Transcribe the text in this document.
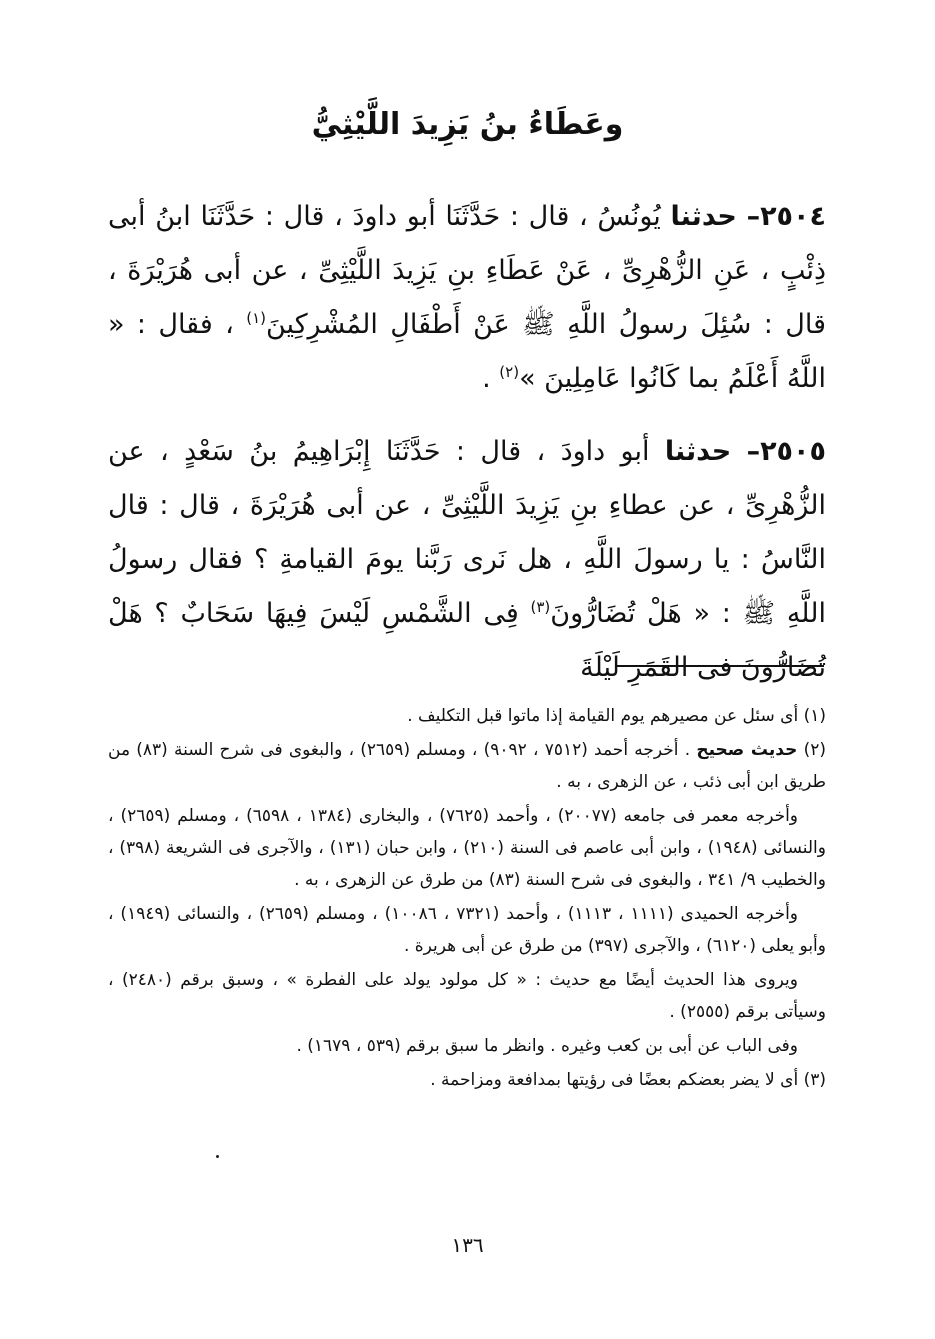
وعَطَاءُ بنُ يَزِيدَ اللَّيْثِيُّ
٢٥٠٤– حدثنا يُونُسُ ، قال : حَدَّثَنَا أبو داودَ ، قال : حَدَّثَنَا ابنُ أبى ذِئْبٍ ، عَنِ الزُّهْرِىِّ ، عَنْ عَطَاءِ بنِ يَزِيدَ اللَّيْثِىِّ ، عن أبى هُرَيْرَةَ ، قال : سُئِلَ رسولُ اللَّهِ ﷺ عَنْ أَطْفَالِ المُشْرِكِينَ$^{(١)}$ ، فقال : « اللَّهُ أَعْلَمُ بما كَانُوا عَامِلِينَ »$^{(٢)}$ .
٢٥٠٥– حدثنا أبو داودَ ، قال : حَدَّثَنَا إِبْرَاهِيمُ بنُ سَعْدٍ ، عن الزُّهْرِىِّ ، عن عطاءِ بنِ يَزِيدَ اللَّيْثِىِّ ، عن أبى هُرَيْرَةَ ، قال : قال النَّاسُ : يا رسولَ اللَّهِ ، هل نَرى رَبَّنا يومَ القيامةِ ؟ فقال رسولُ اللَّهِ ﷺ : « هَلْ تُضَارُّونَ$^{(٣)}$ فِى الشَّمْسِ لَيْسَ فِيهَا سَحَابٌ ؟ هَلْ تُضَارُّونَ فى القَمَرِ لَيْلَةَ

(١) أى سئل عن مصيرهم يوم القيامة إذا ماتوا قبل التكليف .

(٢) حديث صحيح . أخرجه أحمد (٧٥١٢ ، ٩٠٩٢) ، ومسلم (٢٦٥٩) ، والبغوى فى شرح السنة (٨٣) من طريق ابن أبى ذئب ، عن الزهرى ، به .

وأخرجه معمر فى جامعه (٢٠٠٧٧) ، وأحمد (٧٦٢٥) ، والبخارى (١٣٨٤ ، ٦٥٩٨) ، ومسلم (٢٦٥٩) ، والنسائى (١٩٤٨) ، وابن أبى عاصم فى السنة (٢١٠) ، وابن حبان (١٣١) ، والآجرى فى الشريعة (٣٩٨) ، والخطيب ٩/ ٣٤١ ، والبغوى فى شرح السنة (٨٣) من طرق عن الزهرى ، به .

وأخرجه الحميدى (١١١١ ، ١١١٣) ، وأحمد (٧٣٢١ ، ١٠٠٨٦) ، ومسلم (٢٦٥٩) ، والنسائى (١٩٤٩) ، وأبو يعلى (٦١٢٠) ، والآجرى (٣٩٧) من طرق عن أبى هريرة .

ويروى هذا الحديث أيضًا مع حديث : « كل مولود يولد على الفطرة » ، وسبق برقم (٢٤٨٠) ، وسيأتى برقم (٢٥٥٥) .

وفى الباب عن أبى بن كعب وغيره . وانظر ما سبق برقم (٥٣٩ ، ١٦٧٩) .

(٣) أى لا يضر بعضكم بعضًا فى رؤيتها بمدافعة ومزاحمة .

١٣٦
